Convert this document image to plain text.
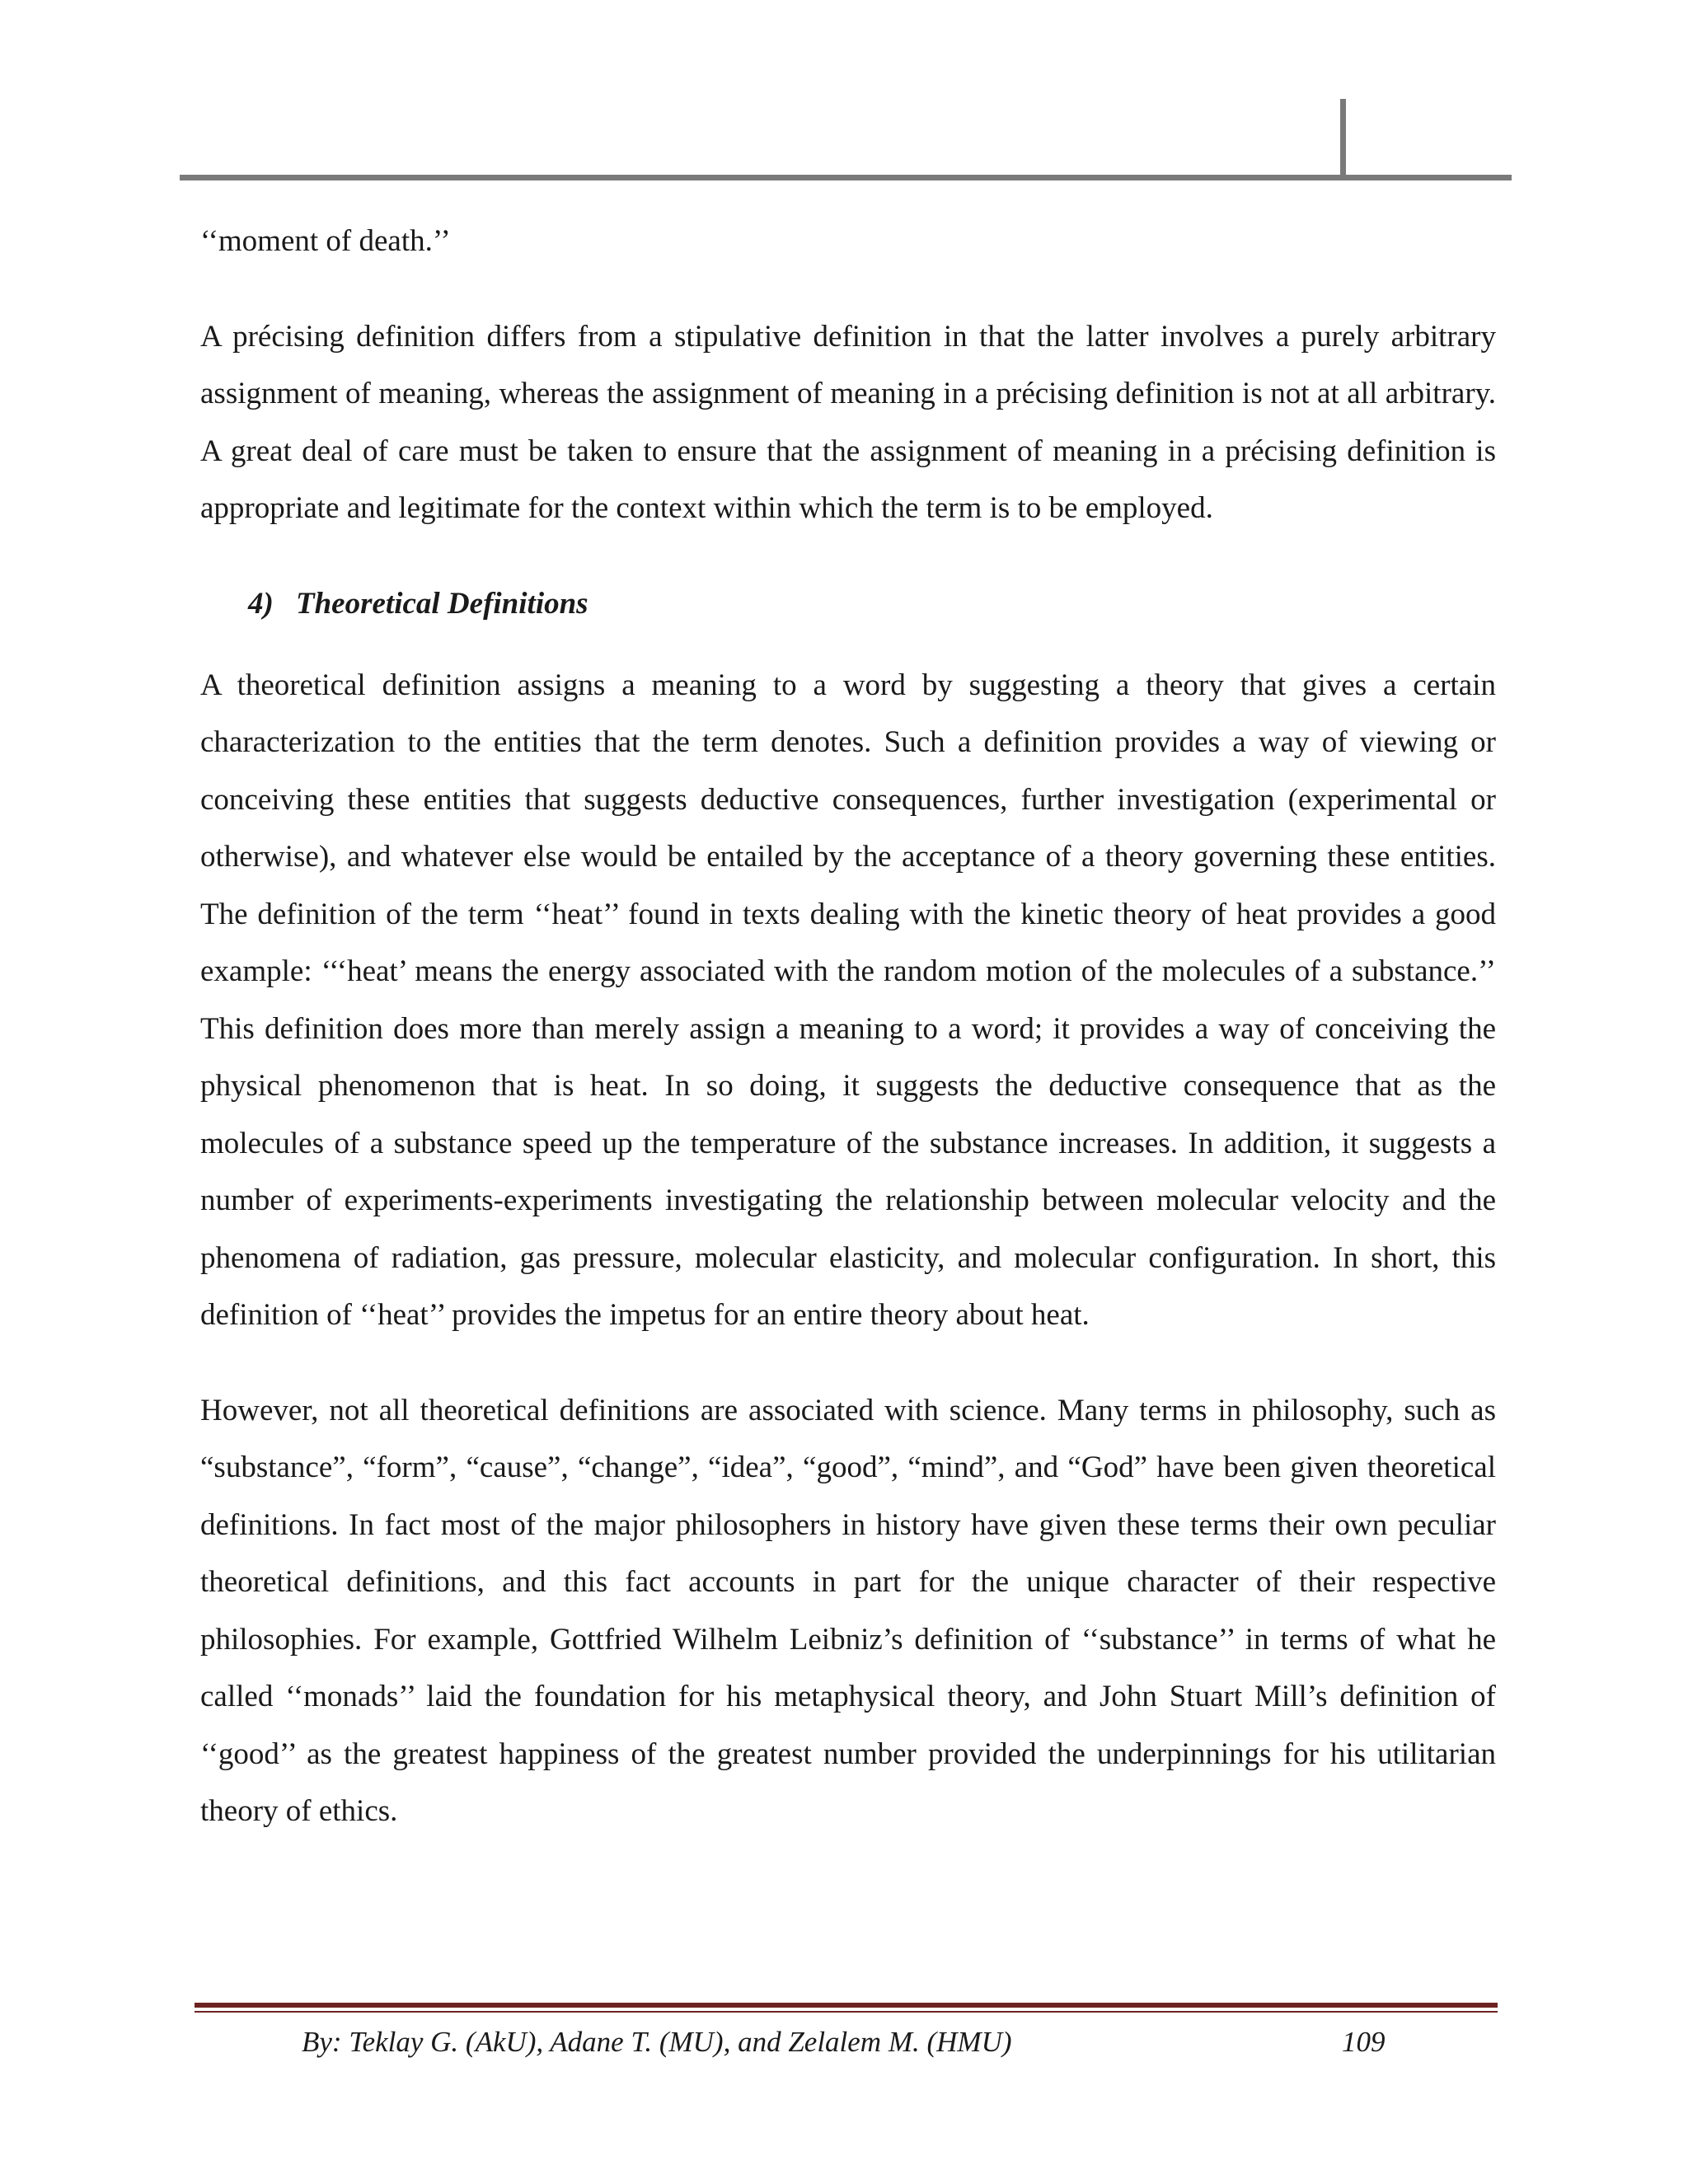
‘‘moment of death.’’

A précising definition differs from a stipulative definition in that the latter involves a purely arbitrary assignment of meaning, whereas the assignment of meaning in a précising definition is not at all arbitrary. A great deal of care must be taken to ensure that the assignment of meaning in a précising definition is appropriate and legitimate for the context within which the term is to be employed.

4) Theoretical Definitions

A theoretical definition assigns a meaning to a word by suggesting a theory that gives a certain characterization to the entities that the term denotes. Such a definition provides a way of viewing or conceiving these entities that suggests deductive consequences, further investigation (experimental or otherwise), and whatever else would be entailed by the acceptance of a theory governing these entities. The definition of the term ‘‘heat’’ found in texts dealing with the kinetic theory of heat provides a good example: ‘‘‘heat’ means the energy associated with the random motion of the molecules of a substance.’’ This definition does more than merely assign a meaning to a word; it provides a way of conceiving the physical phenomenon that is heat. In so doing, it suggests the deductive consequence that as the molecules of a substance speed up the temperature of the substance increases. In addition, it suggests a number of experiments-experiments investigating the relationship between molecular velocity and the phenomena of radiation, gas pressure, molecular elasticity, and molecular configuration. In short, this definition of ‘‘heat’’ provides the impetus for an entire theory about heat.

However, not all theoretical definitions are associated with science. Many terms in philosophy, such as “substance”, “form”, “cause”, “change”, “idea”, “good”, “mind”, and “God” have been given theoretical definitions. In fact most of the major philosophers in history have given these terms their own peculiar theoretical definitions, and this fact accounts in part for the unique character of their respective philosophies. For example, Gottfried Wilhelm Leibniz’s definition of ‘‘substance’’ in terms of what he called ‘‘monads’’ laid the foundation for his metaphysical theory, and John Stuart Mill’s definition of ‘‘good’’ as the greatest happiness of the greatest number provided the underpinnings for his utilitarian theory of ethics.

By: Teklay G. (AkU), Adane T. (MU), and Zelalem M. (HMU)	109
